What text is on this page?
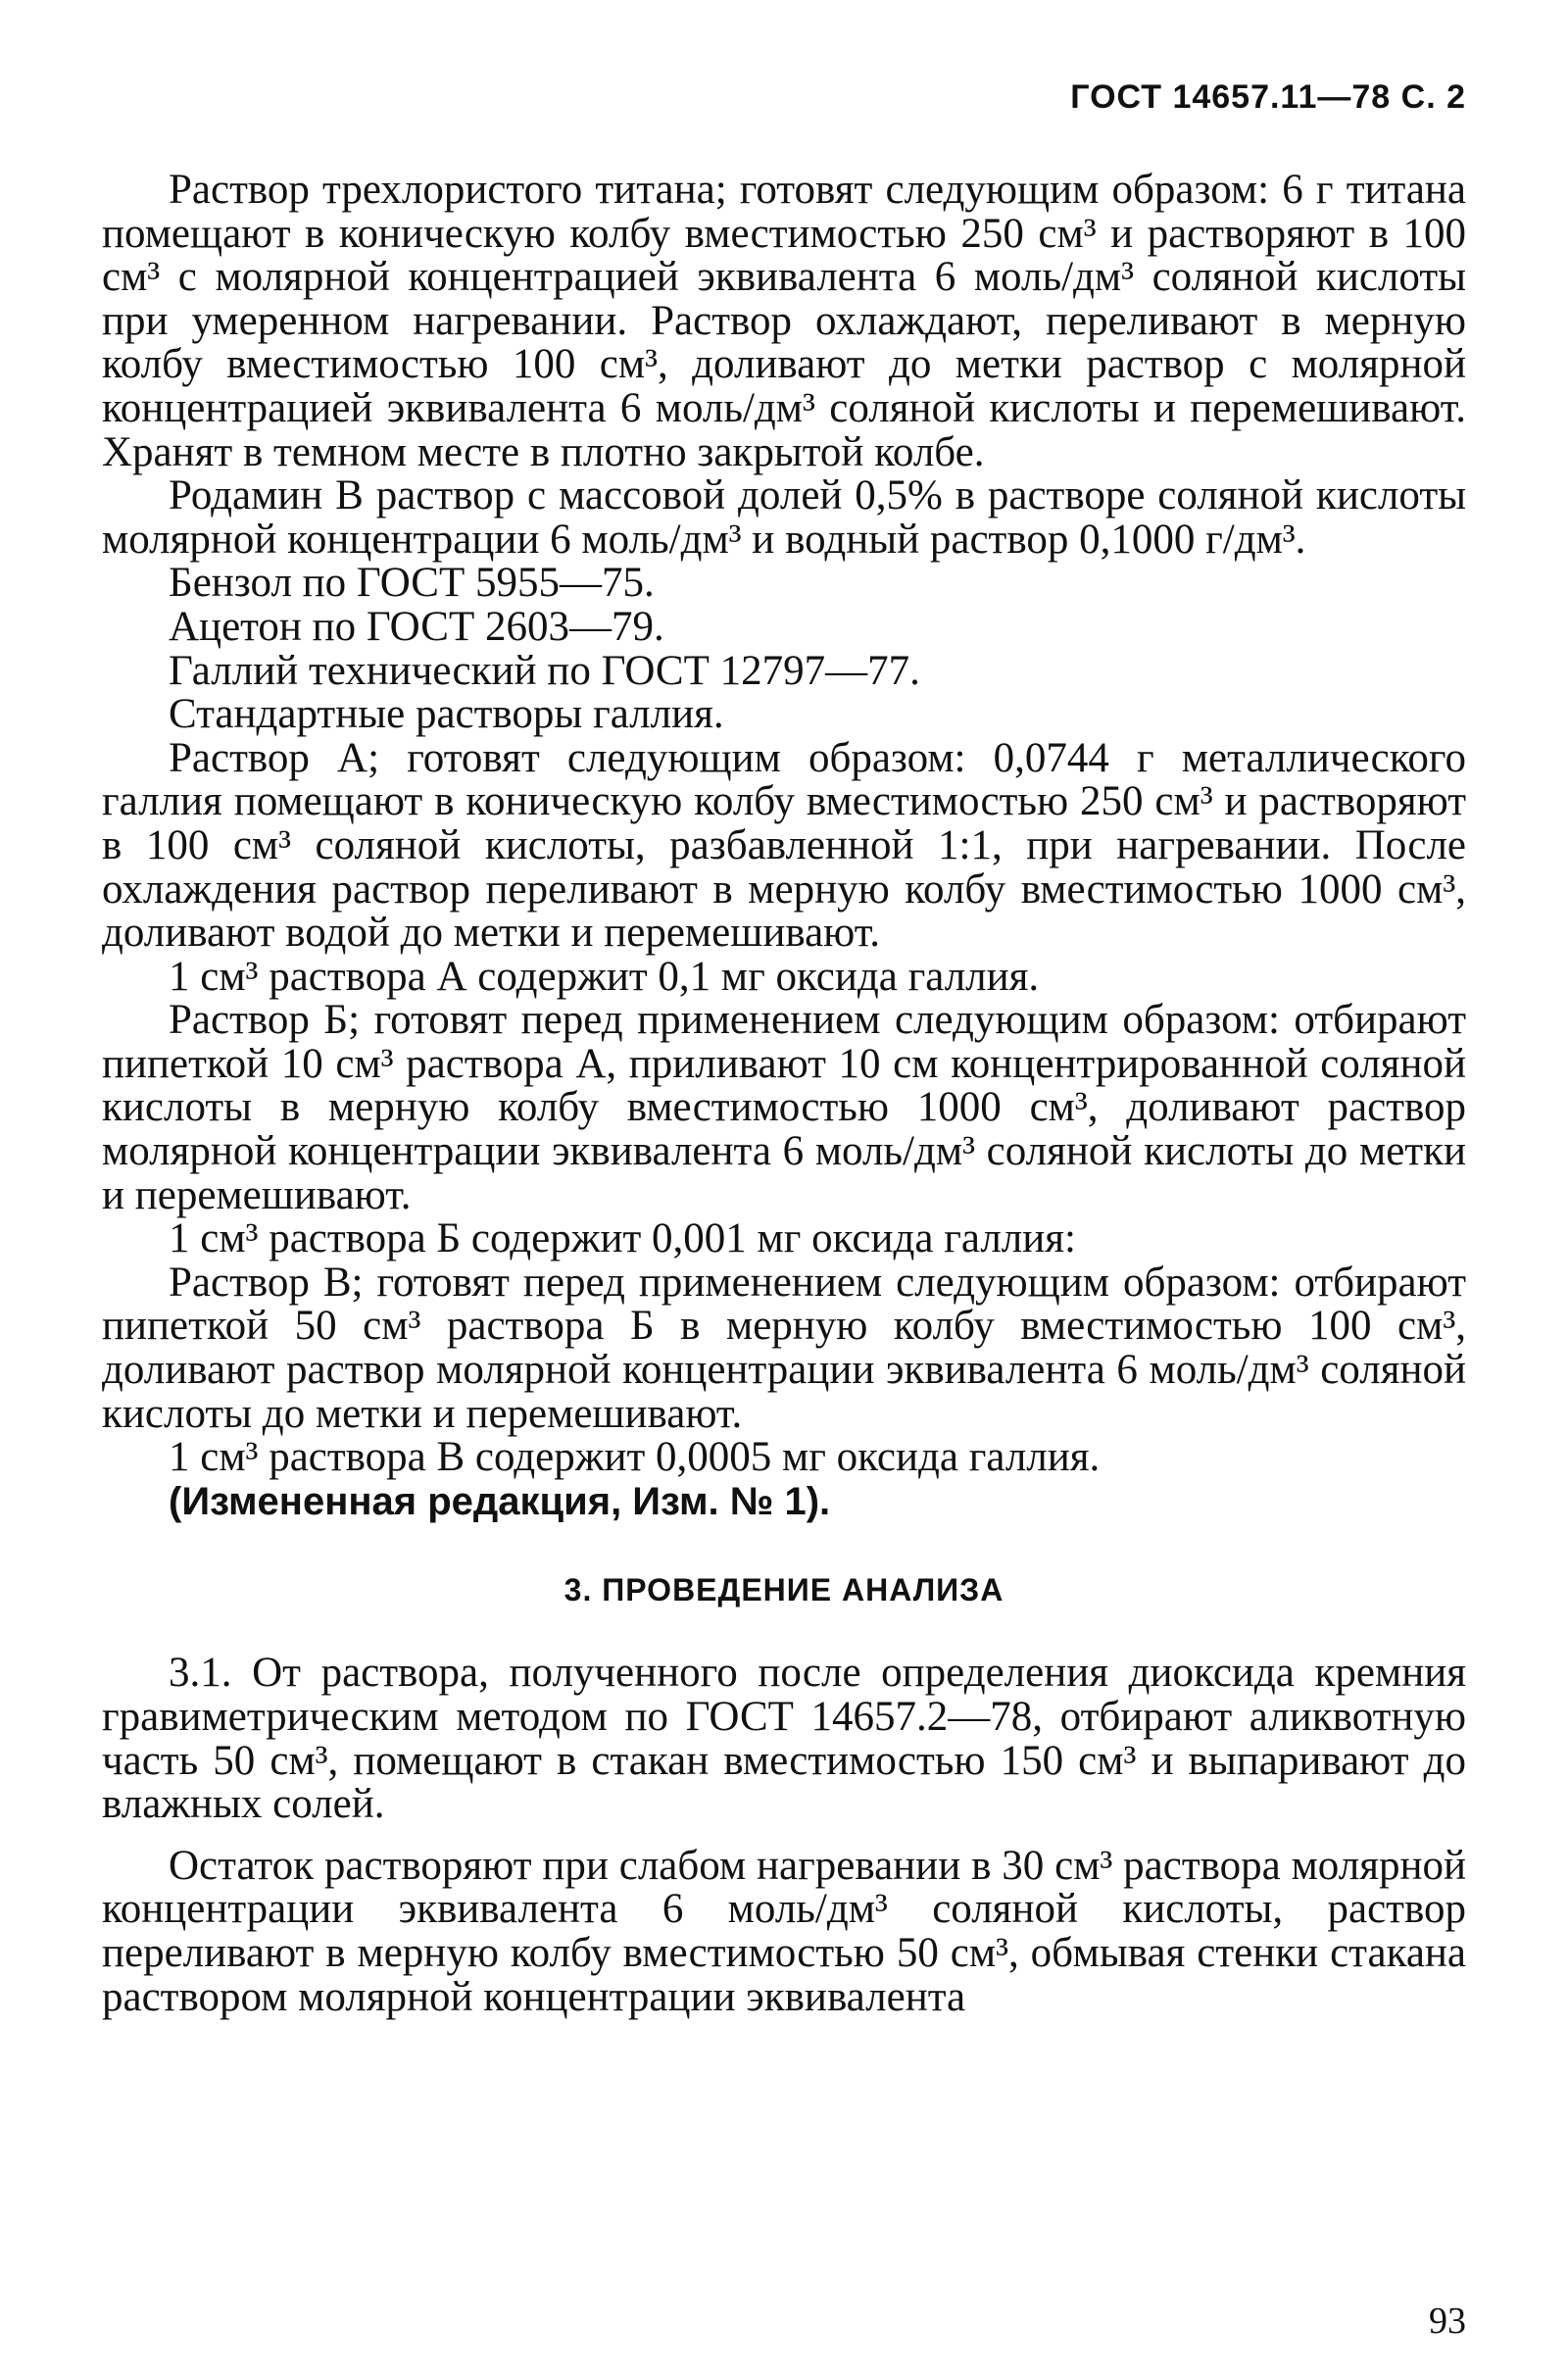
ГОСТ 14657.11—78 С. 2

Раствор трехлористого титана; готовят следующим образом: 6 г титана помещают в коническую колбу вместимостью 250 см³ и растворяют в 100 см³ с молярной концентрацией эквивалента 6 моль/дм³ соляной кислоты при умеренном нагревании. Раствор охлаждают, переливают в мерную колбу вместимостью 100 см³, доливают до метки раствор с молярной концентрацией эквивалента 6 моль/дм³ соляной кислоты и перемешивают. Хранят в темном месте в плотно закрытой колбе.

Родамин В раствор с массовой долей 0,5% в растворе соляной кислоты молярной концентрации 6 моль/дм³ и водный раствор 0,1000 г/дм³.

Бензол по ГОСТ 5955—75.

Ацетон по ГОСТ 2603—79.

Галлий технический по ГОСТ 12797—77.

Стандартные растворы галлия.

Раствор А; готовят следующим образом: 0,0744 г металлического галлия помещают в коническую колбу вместимостью 250 см³ и растворяют в 100 см³ соляной кислоты, разбавленной 1:1, при нагревании. После охлаждения раствор переливают в мерную колбу вместимостью 1000 см³, доливают водой до метки и перемешивают.

1 см³ раствора А содержит 0,1 мг оксида галлия.

Раствор Б; готовят перед применением следующим образом: отбирают пипеткой 10 см³ раствора А, приливают 10 см концентрированной соляной кислоты в мерную колбу вместимостью 1000 см³, доливают раствор молярной концентрации эквивалента 6 моль/дм³ соляной кислоты до метки и перемешивают.

1 см³ раствора Б содержит 0,001 мг оксида галлия:

Раствор В; готовят перед применением следующим образом: отбирают пипеткой 50 см³ раствора Б в мерную колбу вместимостью 100 см³, доливают раствор молярной концентрации эквивалента 6 моль/дм³ соляной кислоты до метки и перемешивают.

1 см³ раствора В содержит 0,0005 мг оксида галлия.

(Измененная редакция, Изм. № 1).

3. ПРОВЕДЕНИЕ АНАЛИЗА

3.1. От раствора, полученного после определения диоксида кремния гравиметрическим методом по ГОСТ 14657.2—78, отбирают аликвотную часть 50 см³, помещают в стакан вместимостью 150 см³ и выпаривают до влажных солей.

Остаток растворяют при слабом нагревании в 30 см³ раствора молярной концентрации эквивалента 6 моль/дм³ соляной кислоты, раствор переливают в мерную колбу вместимостью 50 см³, обмывая стенки стакана раствором молярной концентрации эквивалента

93
